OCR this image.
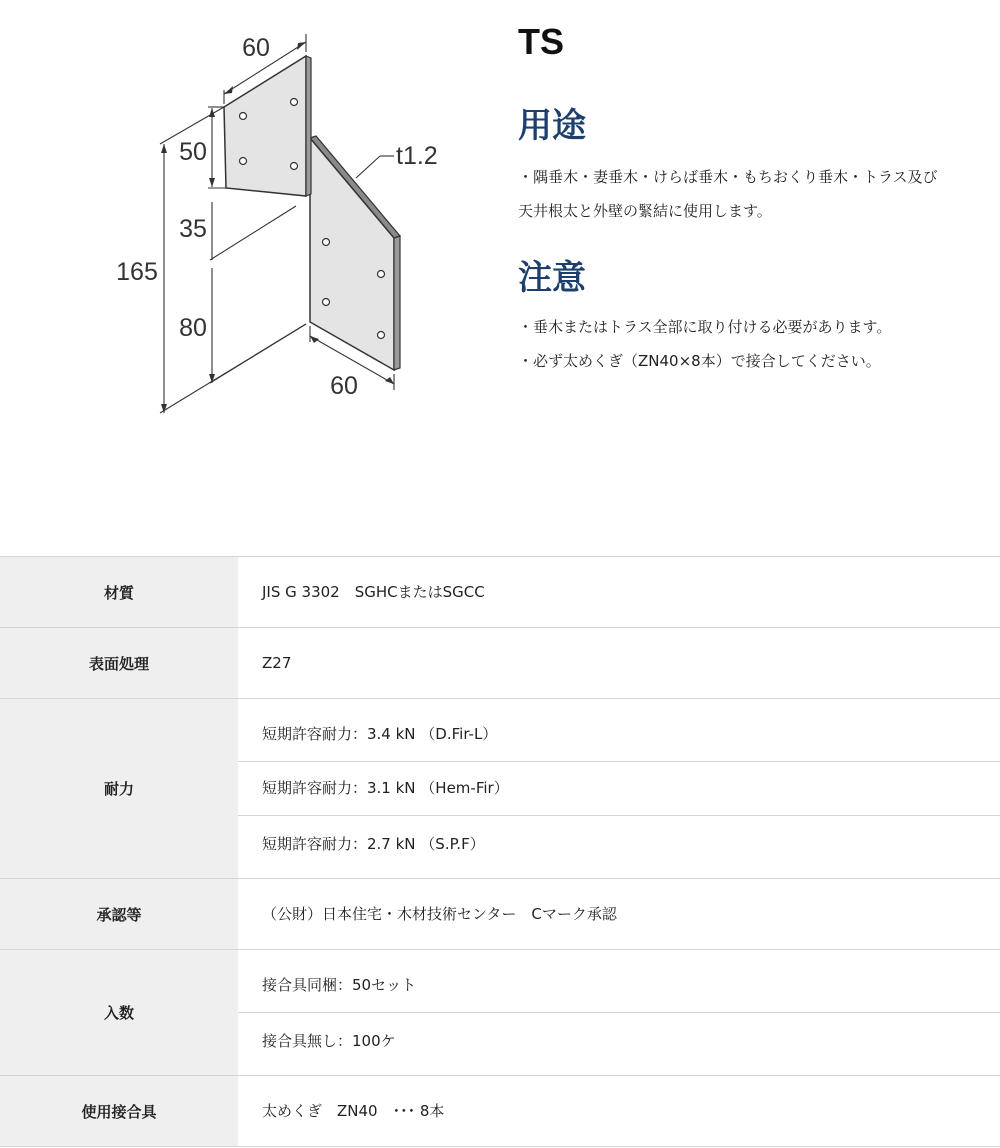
60
50
35
165
80
60
t1.2
TS
用途
・隅垂木・妻垂木・けらば垂木・もちおくり垂木・トラス及び
天井根太と外壁の緊結に使用します。
注意
・垂木またはトラス全部に取り付ける必要があります。
・必ず太めくぎ（ZN40×8本）で接合してください。
材質	JIS G 3302　SGHCまたはSGCC

表面処理	Z27

耐力	短期許容耐力：3.4 kN （D.Fir-L）
短期許容耐力：3.1 kN （Hem-Fir）
短期許容耐力：2.7 kN （S.P.F）

承認等	（公財）日本住宅・木材技術センター　Cマーク承認

入数	接合具同梱：50セット
接合具無し：100ケ

使用接合具	太めくぎ　ZN40　･･･ 8本
